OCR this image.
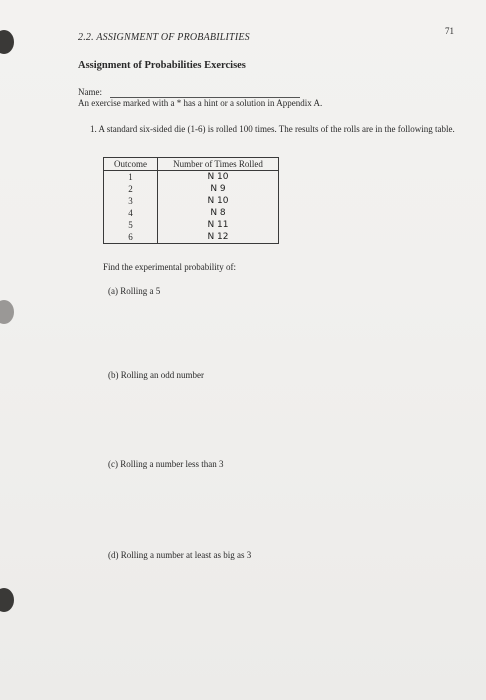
2.2. ASSIGNMENT OF PROBABILITIES
71
Assignment of Probabilities Exercises
Name:
An exercise marked with a * has a hint or a solution in Appendix A.
1. A standard six-sided die (1-6) is rolled 100 times. The results of the rolls are in the following table.
Outcome	Number of Times Rolled
1	N 10
2	N 9
3	N 10
4	N 8
5	N 11
6	N 12
Find the experimental probability of:
(a) Rolling a 5
(b) Rolling an odd number
(c) Rolling a number less than 3
(d) Rolling a number at least as big as 3
